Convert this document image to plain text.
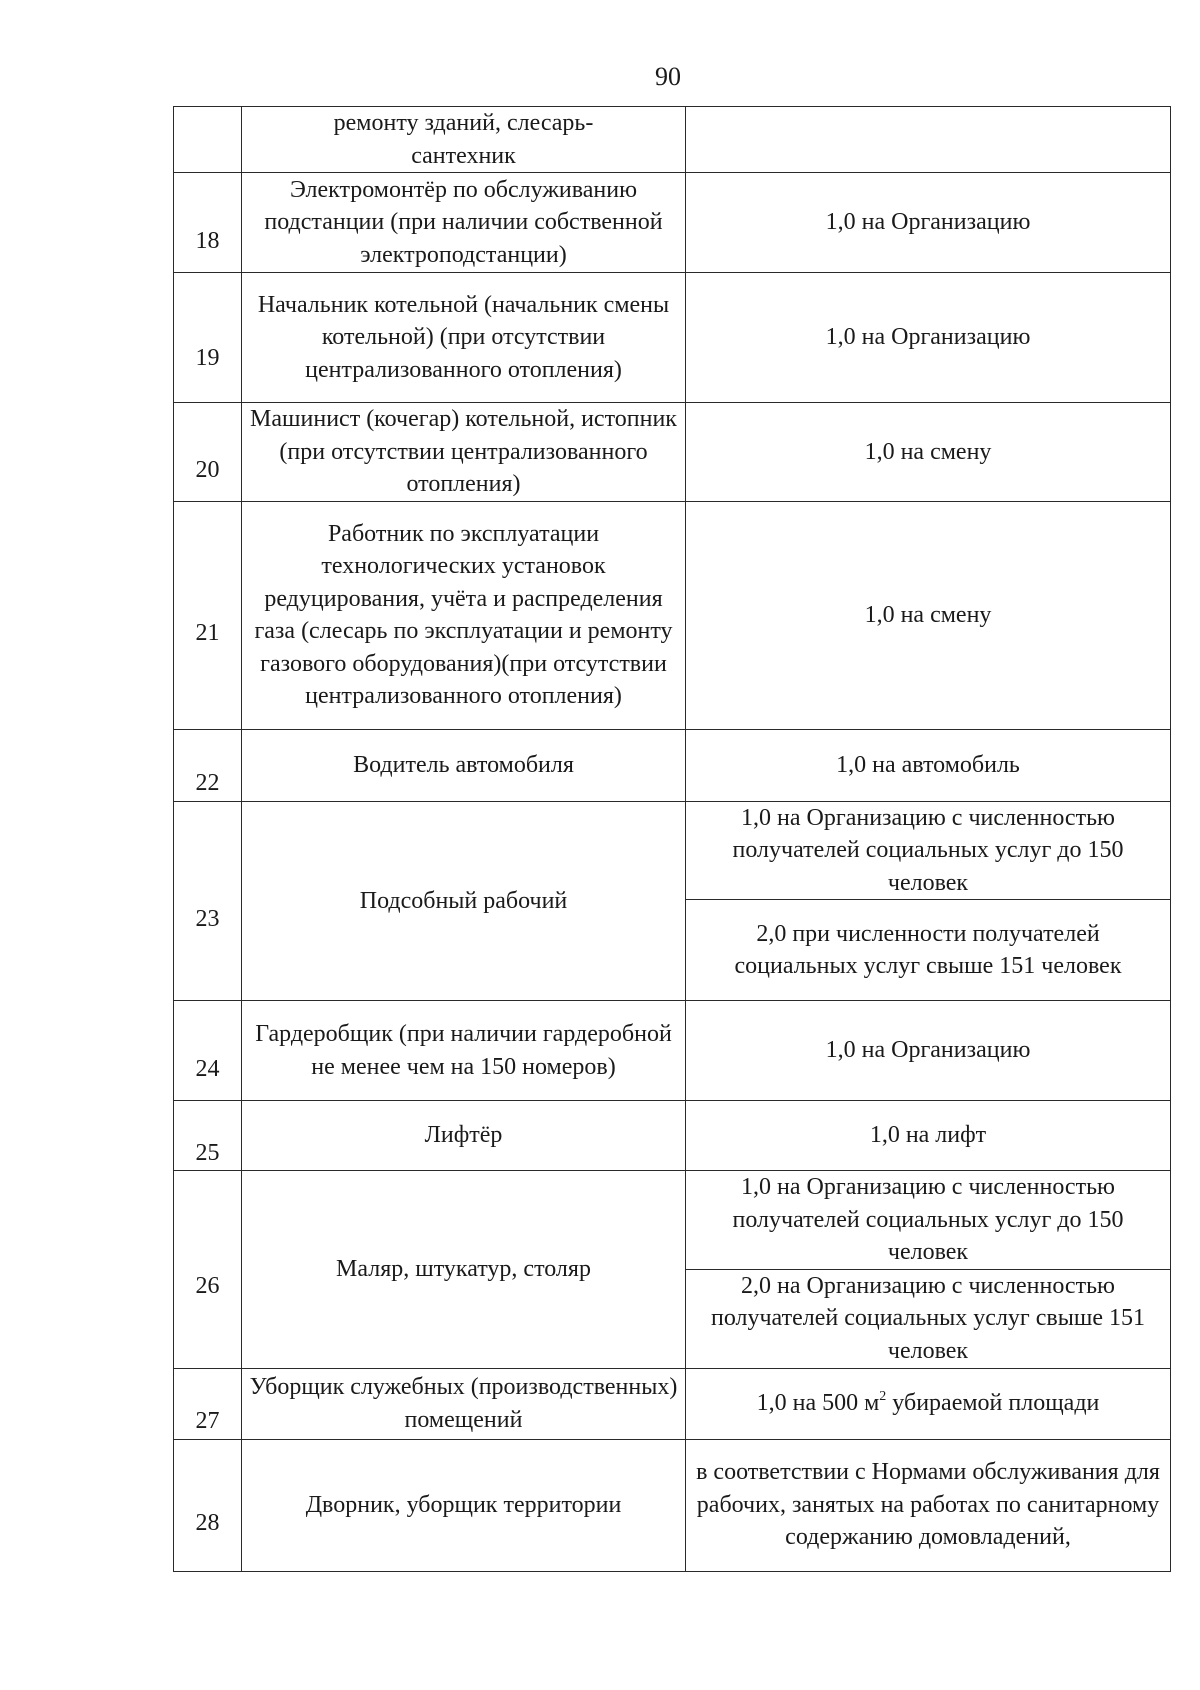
90
	ремонту зданий, слесарь-сантехник	

18	Электромонтёр по обслуживанию подстанции (при наличии собственной электроподстанции)	1,0 на Организацию

19	Начальник котельной (начальник смены котельной) (при отсутствии централизованного отопления)	1,0 на Организацию

20	Машинист (кочегар) котельной, истопник (при отсутствии централизованного отопления)	1,0 на смену

21	Работник по эксплуатации технологических установок редуцирования, учёта и распределения газа (слесарь по эксплуатации и ремонту газового оборудования)(при отсутствии централизованного отопления)	1,0 на смену

22	Водитель автомобиля	1,0 на автомобиль

23	Подсобный рабочий	1,0 на Организацию с численностью получателей социальных услуг до 150 человек
		2,0 при численности получателей социальных услуг свыше 151 человек

24	Гардеробщик (при наличии гардеробной не менее чем на 150 номеров)	1,0 на Организацию

25	Лифтёр	1,0 на лифт

26	Маляр, штукатур, столяр	1,0 на Организацию с численностью получателей социальных услуг до 150 человек
		2,0 на Организацию с численностью получателей социальных услуг свыше 151 человек

27	Уборщик служебных (производственных) помещений	1,0 на 500 $м^2$ убираемой площади

28	Дворник, уборщик территории	в соответствии с Нормами обслуживания для рабочих, занятых на работах по санитарному содержанию домовладений,
